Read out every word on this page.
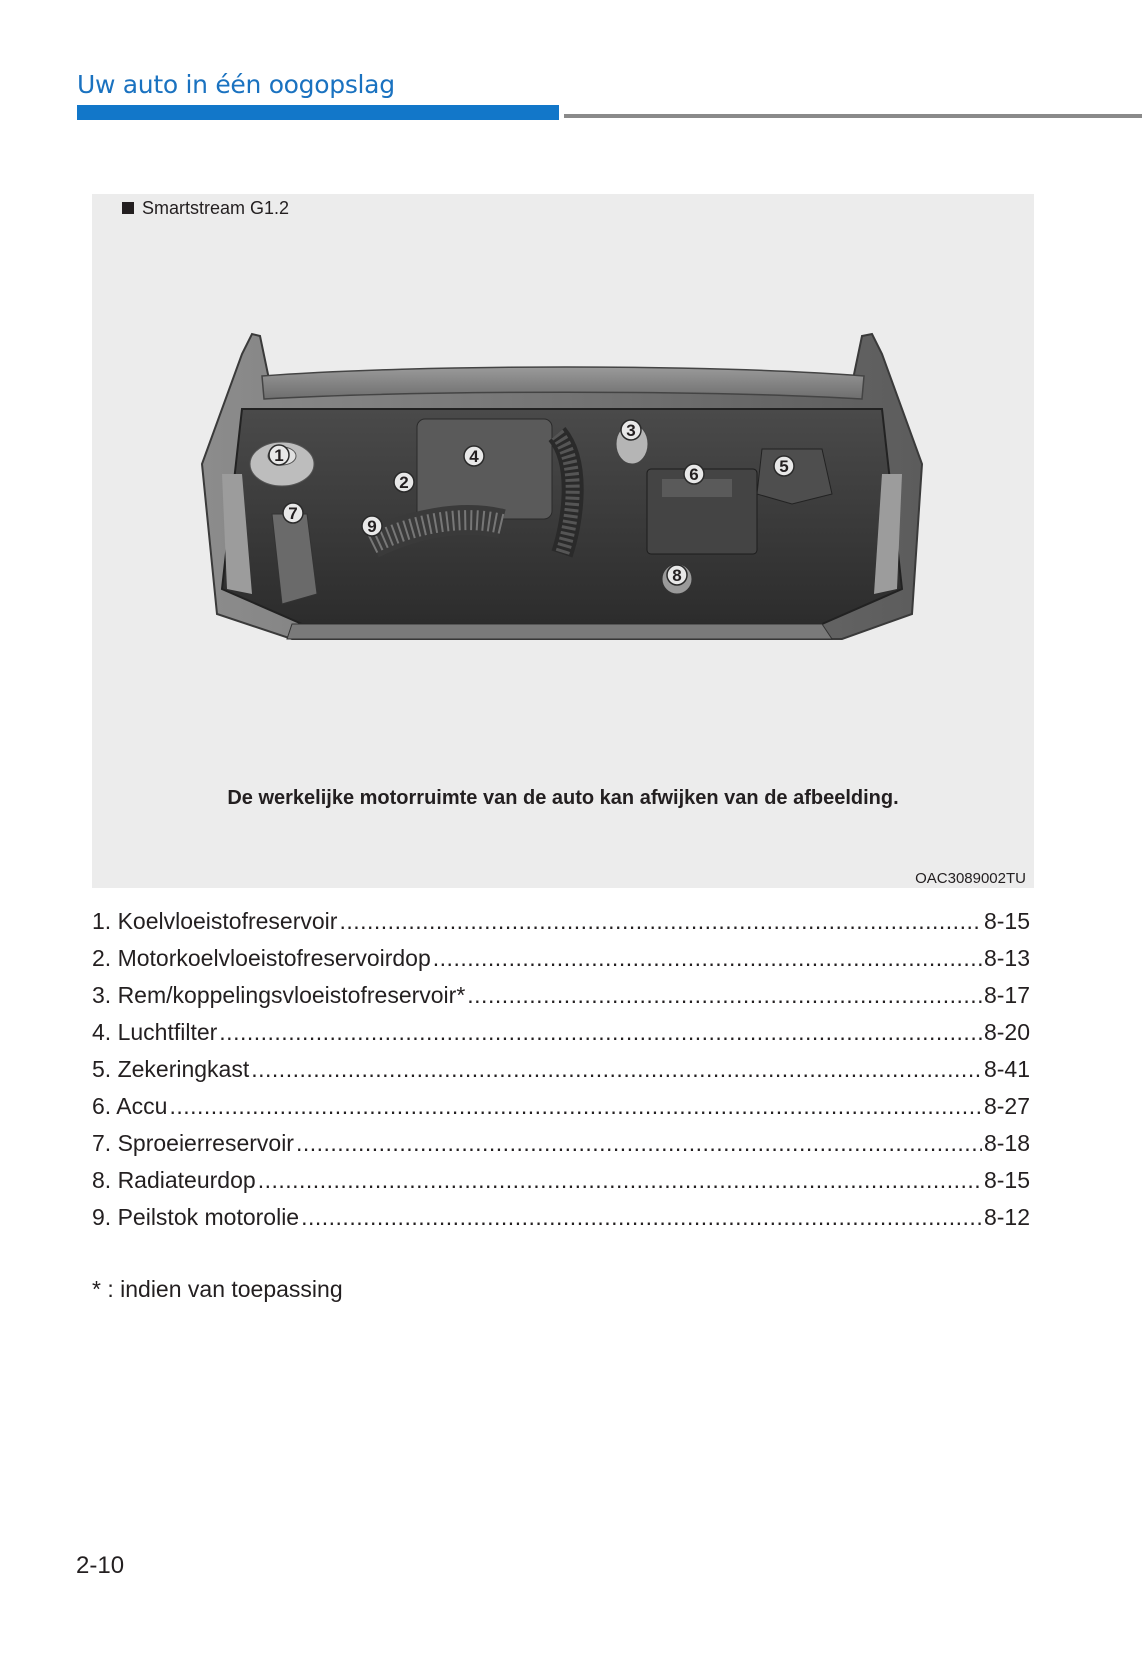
Uw auto in één oogopslag
1
2
3
4
5
6
7
8
9
Smartstream G1.2
De werkelijke motorruimte van de auto kan afwijken van de afbeelding.
OAC3089002TU
1. Koelvloeistofreservoir .....	8-15
2. Motorkoelvloeistofreservoirdop .....	8-13
3. Rem/koppelingsvloeistofreservoir* .....	8-17
4. Luchtfilter .....	8-20
5. Zekeringkast .....	8-41
6. Accu .....	8-27
7. Sproeierreservoir .....	8-18
8. Radiateurdop .....	8-15
9. Peilstok motorolie .....	8-12
* : indien van toepassing
2-10
